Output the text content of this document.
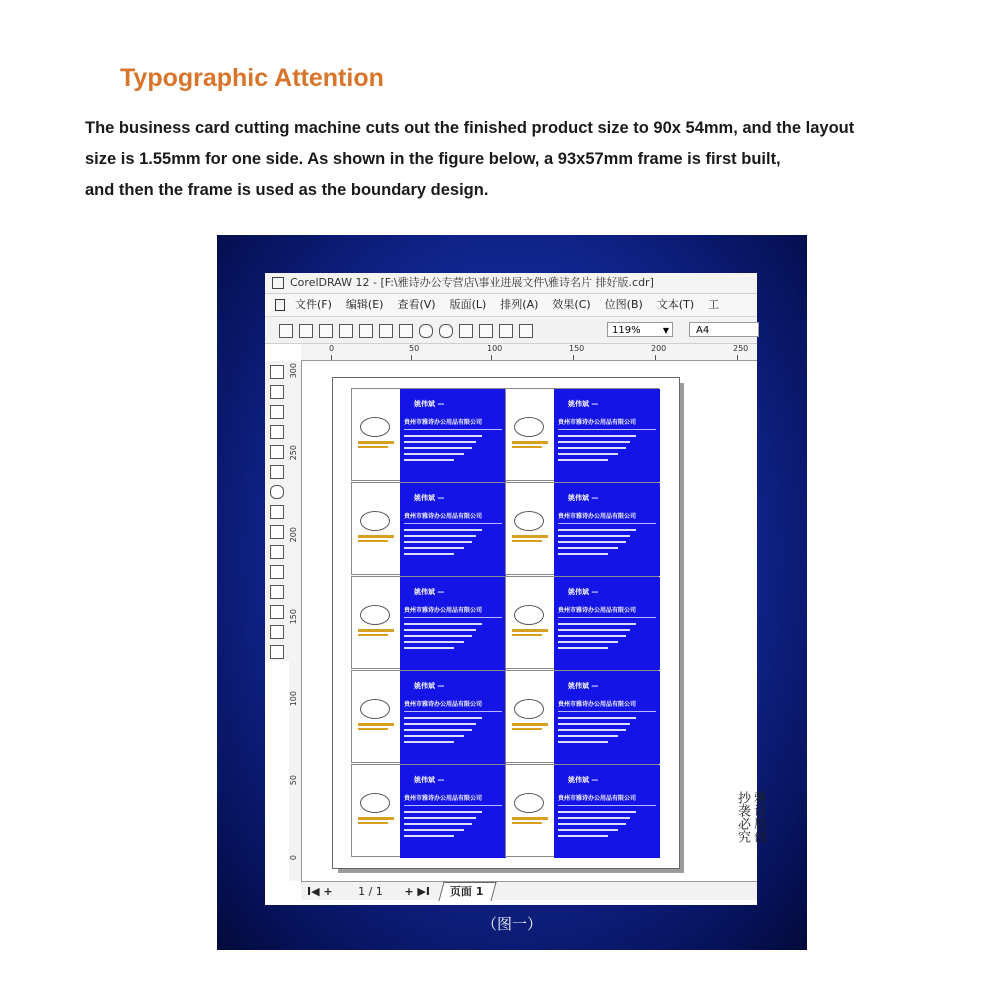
Typographic Attention
The business card cutting machine cuts out the finished product size to 90x 54mm, and the layout
size is 1.55mm for one side. As shown in the figure below, a 93x57mm frame is first built,
and then the frame is used as the boundary design.
CorelDRAW 12 - [F:\雅诗办公专营店\事业进展文件\雅诗名片 排好版.cdr]
文件(F) 编辑(E) 查看(V) 版面(L) 排列(A) 效果(C) 位图(B) 文本(T) 工
119%	▼	A4
0	50	100	150	200	250
300
250
200
150
100
50
0
姚伟斌 —
贵州市雅诗办公用品有限公司
姚伟斌 —
贵州市雅诗办公用品有限公司
姚伟斌 —
贵州市雅诗办公用品有限公司
姚伟斌 —
贵州市雅诗办公用品有限公司
姚伟斌 —
贵州市雅诗办公用品有限公司
姚伟斌 —
贵州市雅诗办公用品有限公司
姚伟斌 —
贵州市雅诗办公用品有限公司
姚伟斌 —
贵州市雅诗办公用品有限公司
姚伟斌 —
贵州市雅诗办公用品有限公司
姚伟斌 —
贵州市雅诗办公用品有限公司	雅诗原创
抄袭必究
I◀ + 1 / 1 + ▶I 页面 1
（图一）
